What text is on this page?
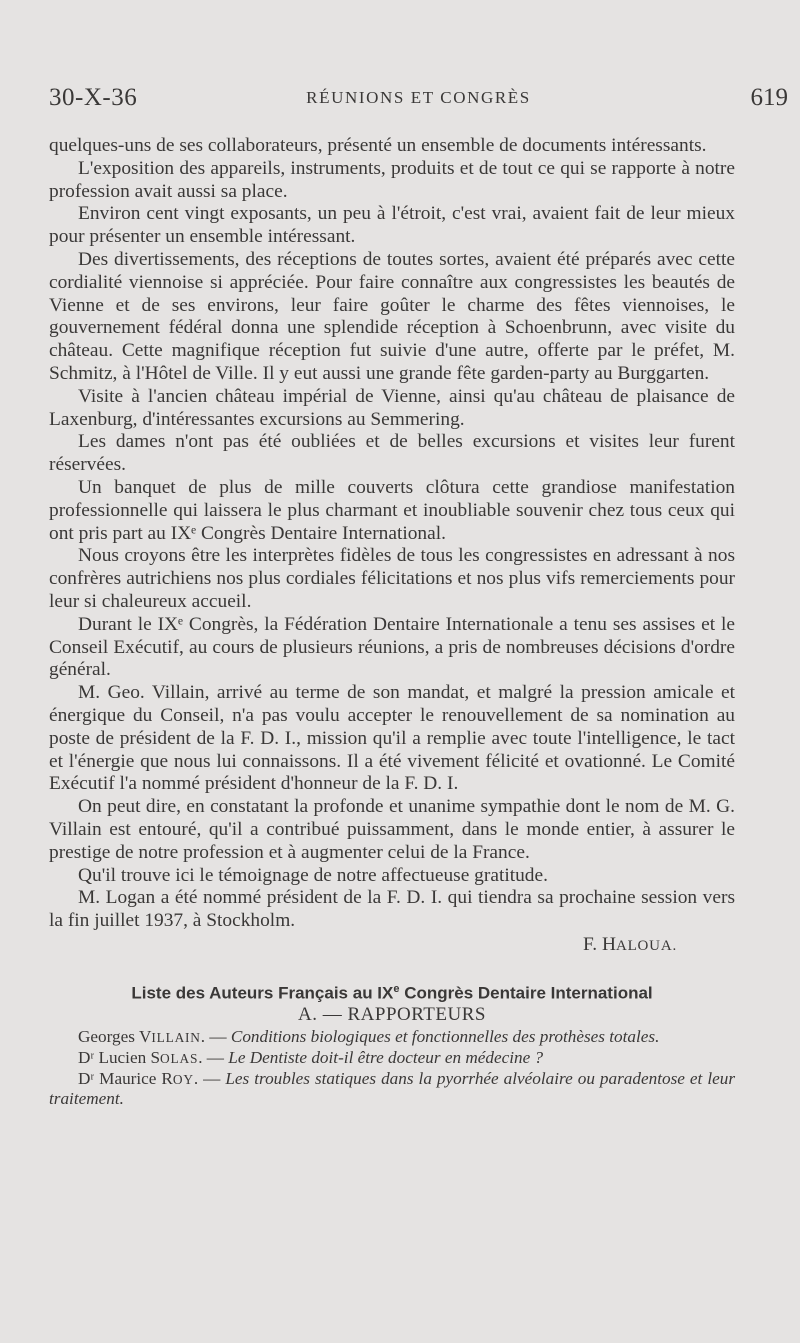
30-X-36	RÉUNIONS ET CONGRÈS	619

quelques-uns de ses collaborateurs, présenté un ensemble de documents intéressants.

L'exposition des appareils, instruments, produits et de tout ce qui se rapporte à notre profession avait aussi sa place.

Environ cent vingt exposants, un peu à l'étroit, c'est vrai, avaient fait de leur mieux pour présenter un ensemble intéressant.

Des divertissements, des réceptions de toutes sortes, avaient été préparés avec cette cordialité viennoise si appréciée. Pour faire connaître aux congressistes les beautés de Vienne et de ses environs, leur faire goûter le charme des fêtes viennoises, le gouvernement fédéral donna une splendide réception à Schoenbrunn, avec visite du château. Cette magnifique réception fut suivie d'une autre, offerte par le préfet, M. Schmitz, à l'Hôtel de Ville. Il y eut aussi une grande fête garden-party au Burggarten.

Visite à l'ancien château impérial de Vienne, ainsi qu'au château de plaisance de Laxenburg, d'intéressantes excursions au Semmering.

Les dames n'ont pas été oubliées et de belles excursions et visites leur furent réservées.

Un banquet de plus de mille couverts clôtura cette grandiose manifestation professionnelle qui laissera le plus charmant et inoubliable souvenir chez tous ceux qui ont pris part au IXᵉ Congrès Dentaire International.

Nous croyons être les interprètes fidèles de tous les congressistes en adressant à nos confrères autrichiens nos plus cordiales félicitations et nos plus vifs remerciements pour leur si chaleureux accueil.

Durant le IXᵉ Congrès, la Fédération Dentaire Internationale a tenu ses assises et le Conseil Exécutif, au cours de plusieurs réunions, a pris de nombreuses décisions d'ordre général.

M. Geo. Villain, arrivé au terme de son mandat, et malgré la pression amicale et énergique du Conseil, n'a pas voulu accepter le renouvellement de sa nomination au poste de président de la F. D. I., mission qu'il a remplie avec toute l'intelligence, le tact et l'énergie que nous lui connaissons. Il a été vivement félicité et ovationné. Le Comité Exécutif l'a nommé président d'honneur de la F. D. I.

On peut dire, en constatant la profonde et unanime sympathie dont le nom de M. G. Villain est entouré, qu'il a contribué puissamment, dans le monde entier, à assurer le prestige de notre profession et à augmenter celui de la France.

Qu'il trouve ici le témoignage de notre affectueuse gratitude.

M. Logan a été nommé président de la F. D. I. qui tiendra sa prochaine session vers la fin juillet 1937, à Stockholm.

F. HALOUA.
Liste des Auteurs Français au IXe Congrès Dentaire International
A. — RAPPORTEURS

Georges VILLAIN. — Conditions biologiques et fonctionnelles des prothèses totales.

Dʳ Lucien SOLAS. — Le Dentiste doit-il être docteur en médecine ?

Dʳ Maurice ROY. — Les troubles statiques dans la pyorrhée alvéolaire ou paradentose et leur traitement.
